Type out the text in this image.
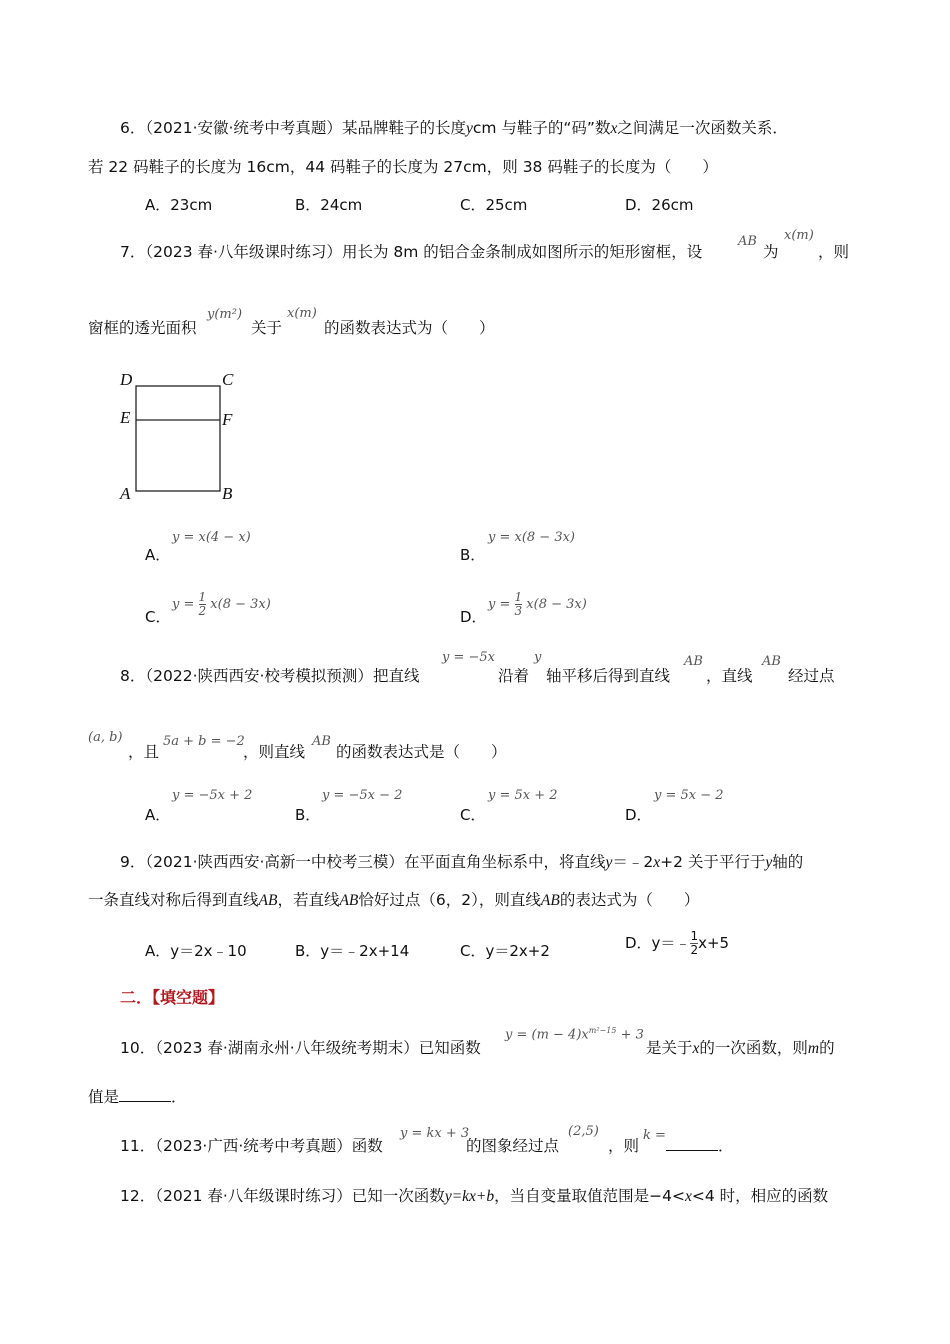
6．（2021·安徽·统考中考真题）某品牌鞋子的长度ycm 与鞋子的“码”数x之间满足一次函数关系．
若 22 码鞋子的长度为 16cm，44 码鞋子的长度为 27cm，则 38 码鞋子的长度为（　　）
A．23cm	B．24cm	C．25cm	D．26cm
7．（2023 春·八年级课时练习）用长为 8m 的铝合金条制成如图所示的矩形窗框，设
AB
为
x(m)
，则
窗框的透光面积
y(m²)
关于
x(m)
的函数表达式为（　　）
D	C
E	F
A	B
A．
y = x(4 − x)
B．
y = x(8 − 3x)
C．
$y = \frac{1}{2} x(8 - 3x)$
D．
$y = \frac{1}{3} x(8 - 3x)$
8．（2022·陕西西安·校考模拟预测）把直线
y = −5x
沿着
y
轴平移后得到直线
AB
，直线
AB
经过点
(a, b)
，且
5a + b = −2
，则直线
AB
的函数表达式是（　　）
A．
y = −5x + 2
B．
y = −5x − 2
C．
y = 5x + 2
D．
y = 5x − 2
9．（2021·陕西西安·高新一中校考三模）在平面直角坐标系中，将直线y＝﹣2x+2 关于平行于y轴的
一条直线对称后得到直线AB，若直线AB恰好过点（6，2），则直线AB的表达式为（　　）
A．y＝2x﹣10	B．y＝﹣2x+14	C．y＝2x+2	D．y＝﹣ $\frac{1}{2} x+5$
二．【填空题】
10．（2023 春·湖南永州·八年级统考期末）已知函数
$y = (m - 4)x^{m^2-15} + 3$
是关于x的一次函数，则m的
值是	．
11．（2023·广西·统考中考真题）函数
y = kx + 3
的图象经过点
(2,5)
，则
k =
．
12．（2021 春·八年级课时练习）已知一次函数y=kx+b，当自变量取值范围是−4<x<4 时，相应的函数
